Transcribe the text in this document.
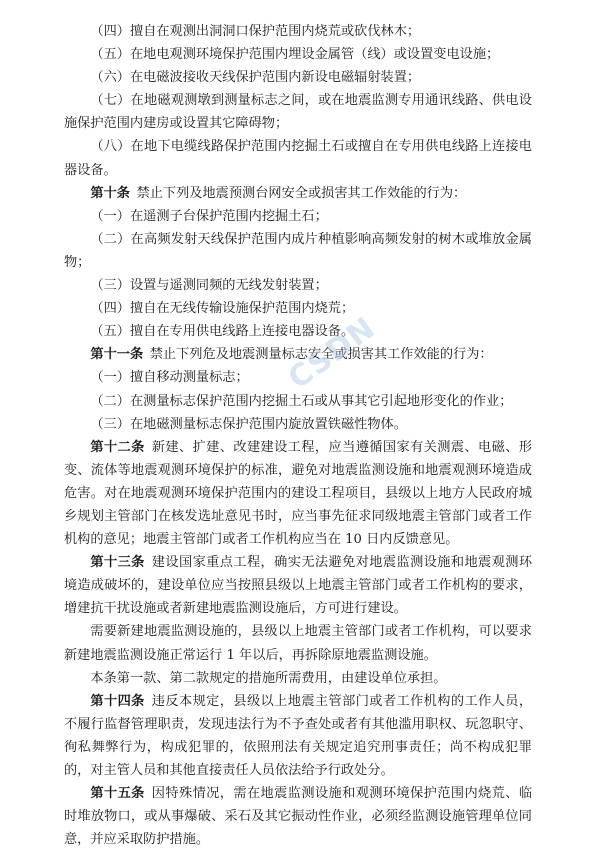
（四）擅自在观测出洞洞口保护范围内烧荒或砍伐林木；

（五）在地电观测环境保护范围内埋设金属管（线）或设置变电设施；

（六）在电磁波接收天线保护范围内新设电磁辐射装置；

（七）在地磁观测墩到测量标志之间，或在地震监测专用通讯线路、供电设施保护范围内建房或设置其它障碍物；

（八）在地下电缆线路保护范围内挖掘土石或擅自在专用供电线路上连接电器设备。

第十条  禁止下列及地震预测台网安全或损害其工作效能的行为：

（一）在遥测子台保护范围内挖掘土石；

（二）在高频发射天线保护范围内成片种植影响高频发射的树木或堆放金属物；

（三）设置与遥测同频的无线发射装置；

（四）擅自在无线传输设施保护范围内烧荒；

（五）擅自在专用供电线路上连接电器设备。

第十一条  禁止下列危及地震测量标志安全或损害其工作效能的行为：

（一）擅自移动测量标志；

（二）在测量标志保护范围内挖掘土石或从事其它引起地形变化的作业；

（三）在地磁测量标志保护范围内旋放置铁磁性物体。

第十二条  新建、扩建、改建建设工程，应当遵循国家有关测震、电磁、形变、流体等地震观测环境保护的标准，避免对地震监测设施和地震观测环境造成危害。对在地震观测环境保护范围内的建设工程项目，县级以上地方人民政府城乡规划主管部门在核发选址意见书时，应当事先征求同级地震主管部门或者工作机构的意见；地震主管部门或者工作机构应当在 10 日内反馈意见。

第十三条  建设国家重点工程，确实无法避免对地震监测设施和地震观测环境造成破坏的，建设单位应当按照县级以上地震主管部门或者工作机构的要求，增建抗干扰设施或者新建地震监测设施后，方可进行建设。

需要新建地震监测设施的，县级以上地震主管部门或者工作机构，可以要求新建地震监测设施正常运行 1 年以后，再拆除原地震监测设施。

本条第一款、第二款规定的措施所需费用，由建设单位承担。

第十四条  违反本规定，县级以上地震主管部门或者工作机构的工作人员，不履行监督管理职责，发现违法行为不予查处或者有其他滥用职权、玩忽职守、徇私舞弊行为，构成犯罪的，依照刑法有关规定追究刑事责任；尚不构成犯罪的，对主管人员和其他直接责任人员依法给予行政处分。

第十五条  因特殊情况，需在地震监测设施和观测环境保护范围内烧荒、临时堆放物口，或从事爆破、采石及其它振动性作业，必须经监测设施管理单位同意，并应采取防护措施。

CSDN
